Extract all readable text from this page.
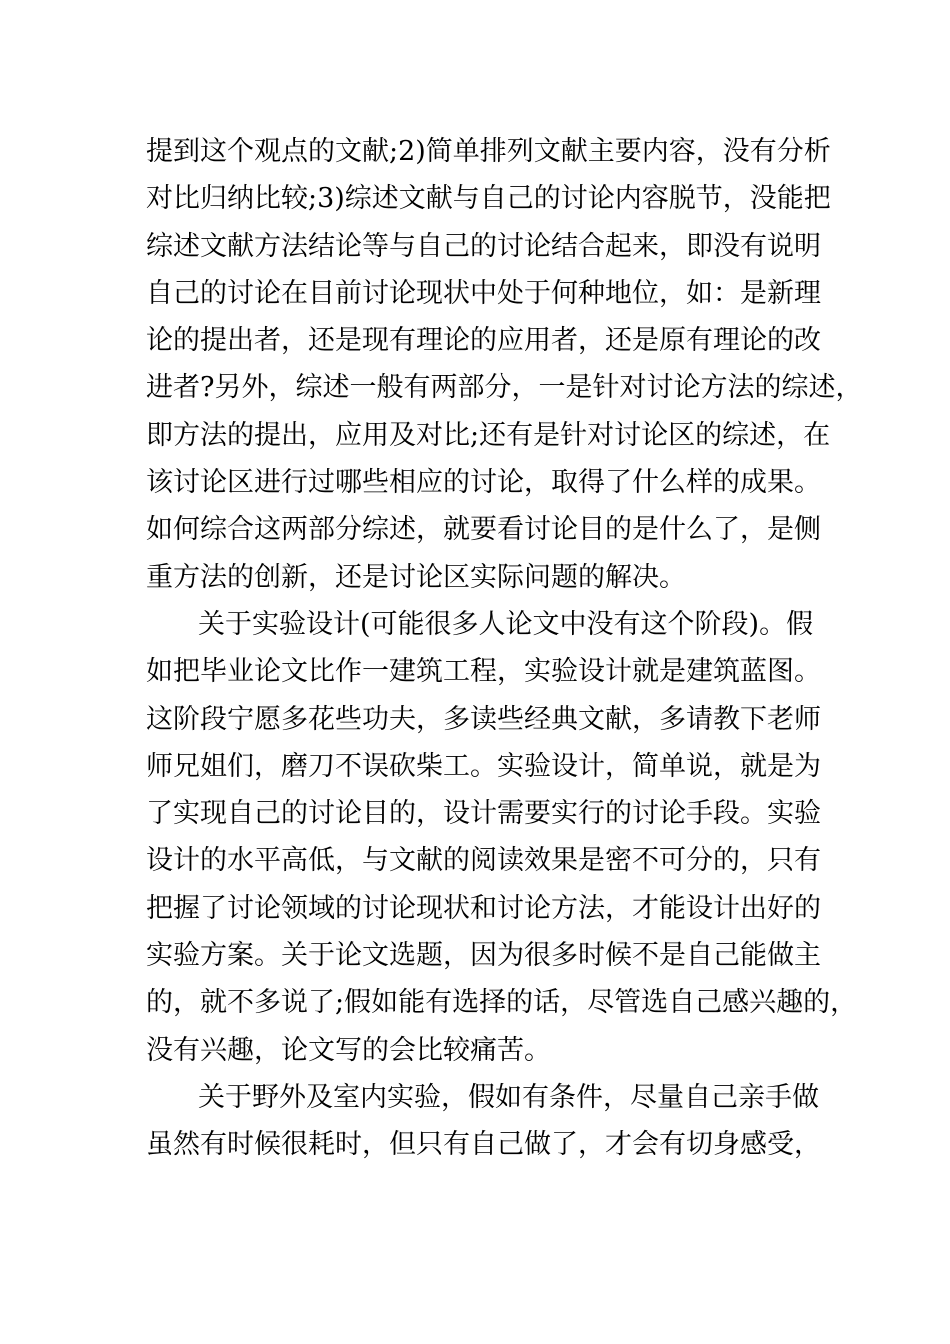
提到这个观点的文献;2)简单排列文献主要内容，没有分析
对比归纳比较;3)综述文献与自己的讨论内容脱节，没能把
综述文献方法结论等与自己的讨论结合起来，即没有说明
自己的讨论在目前讨论现状中处于何种地位，如：是新理
论的提出者，还是现有理论的应用者，还是原有理论的改
进者?另外，综述一般有两部分，一是针对讨论方法的综述，
即方法的提出，应用及对比;还有是针对讨论区的综述，在
该讨论区进行过哪些相应的讨论，取得了什么样的成果。
如何综合这两部分综述，就要看讨论目的是什么了，是侧
重方法的创新，还是讨论区实际问题的解决。
关于实验设计(可能很多人论文中没有这个阶段)。假
如把毕业论文比作一建筑工程，实验设计就是建筑蓝图。
这阶段宁愿多花些功夫，多读些经典文献，多请教下老师
师兄姐们，磨刀不误砍柴工。实验设计，简单说，就是为
了实现自己的讨论目的，设计需要实行的讨论手段。实验
设计的水平高低，与文献的阅读效果是密不可分的，只有
把握了讨论领域的讨论现状和讨论方法，才能设计出好的
实验方案。关于论文选题，因为很多时候不是自己能做主
的，就不多说了;假如能有选择的话，尽管选自己感兴趣的，
没有兴趣，论文写的会比较痛苦。
关于野外及室内实验，假如有条件，尽量自己亲手做
虽然有时候很耗时，但只有自己做了，才会有切身感受，
